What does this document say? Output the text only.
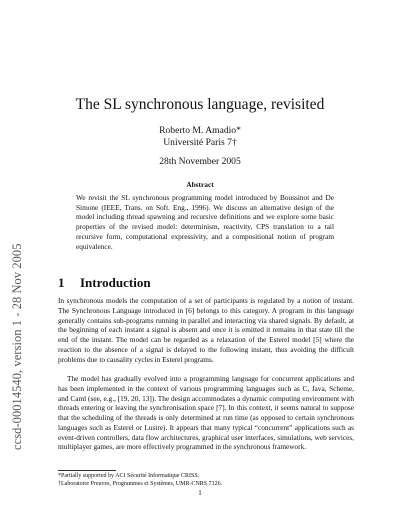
ccsd-00014540, version 1 - 28 Nov 2005
The SL synchronous language, revisited
Roberto M. Amadio*
Université Paris 7†
28th November 2005
Abstract
We revisit the SL synchronous programming model introduced by Boussinot and De Simone (IEEE, Trans. on Soft. Eng., 1996). We discuss an alternative design of the model including thread spawning and recursive definitions and we explore some basic properties of the revised model: determinism, reactivity, CPS translation to a tail recursive form, computational expressivity, and a compositional notion of program equivalence.
1 Introduction
In synchronous models the computation of a set of participants is regulated by a notion of instant. The Synchronous Language introduced in [6] belongs to this category. A program in this language generally contains sub-programs running in parallel and interacting via shared signals. By default, at the beginning of each instant a signal is absent and once it is emitted it remains in that state till the end of the instant. The model can be regarded as a relaxation of the Esterel model [5] where the reaction to the absence of a signal is delayed to the following instant, thus avoiding the difficult problems due to causality cycles in Esterel programs.
The model has gradually evolved into a programming language for concurrent applications and has been implemented in the context of various programming languages such as C, Java, Scheme, and Caml (see, e.g., [19, 20, 13]). The design accommodates a dynamic computing environment with threads entering or leaving the synchronisation space [7]. In this context, it seems natural to suppose that the scheduling of the threads is only determined at run time (as opposed to certain synchronous languages such as Esterel or Lustre). It appears that many typical “concurrent” applications such as event-driven controllers, data flow architectures, graphical user interfaces, simulations, web services, multiplayer games, are more effectively programmed in the synchronous framework.
*Partially supported by ACI Sécurité Informatique CRISS.
†Laboratoire Preuves, Programmes et Systèmes, UMR-CNRS 7126.
1
